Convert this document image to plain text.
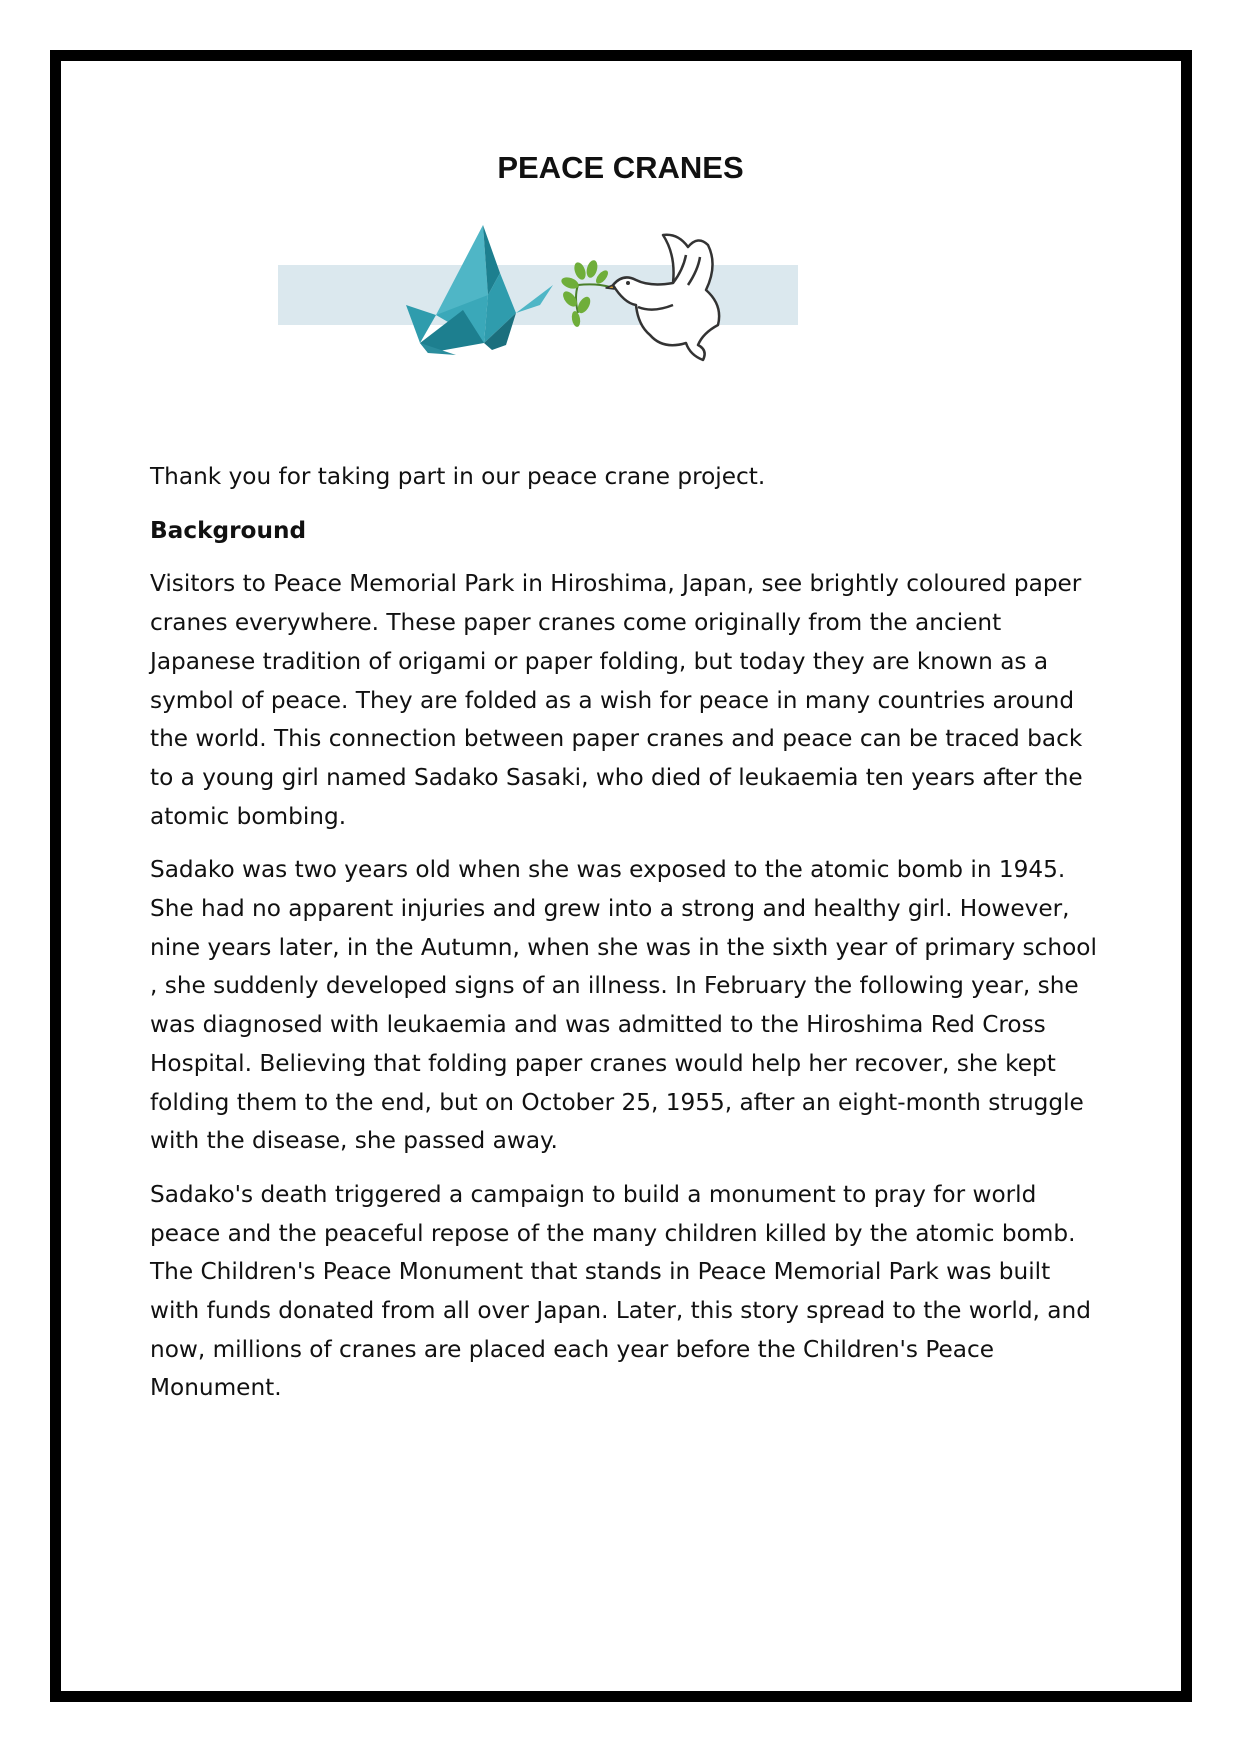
PEACE CRANES

Thank you for taking part in our peace crane project.

Background

Visitors to Peace Memorial Park in Hiroshima, Japan, see brightly coloured paper cranes everywhere. These paper cranes come originally from the ancient Japanese tradition of origami or paper folding, but today they are known as a symbol of peace. They are folded as a wish for peace in many countries around the world. This connection between paper cranes and peace can be traced back to a young girl named Sadako Sasaki, who died of leukaemia ten years after the atomic bombing.

Sadako was two years old when she was exposed to the atomic bomb in 1945. She had no apparent injuries and grew into a strong and healthy girl. However, nine years later, in the Autumn, when she was in the sixth year of primary school , she suddenly developed signs of an illness. In February the following year, she was diagnosed with leukaemia and was admitted to the Hiroshima Red Cross Hospital. Believing that folding paper cranes would help her recover, she kept folding them to the end, but on October 25, 1955, after an eight-month struggle with the disease, she passed away.

Sadako's death triggered a campaign to build a monument to pray for world peace and the peaceful repose of the many children killed by the atomic bomb. The Children's Peace Monument that stands in Peace Memorial Park was built with funds donated from all over Japan. Later, this story spread to the world, and now, millions of cranes are placed each year before the Children's Peace Monument.
